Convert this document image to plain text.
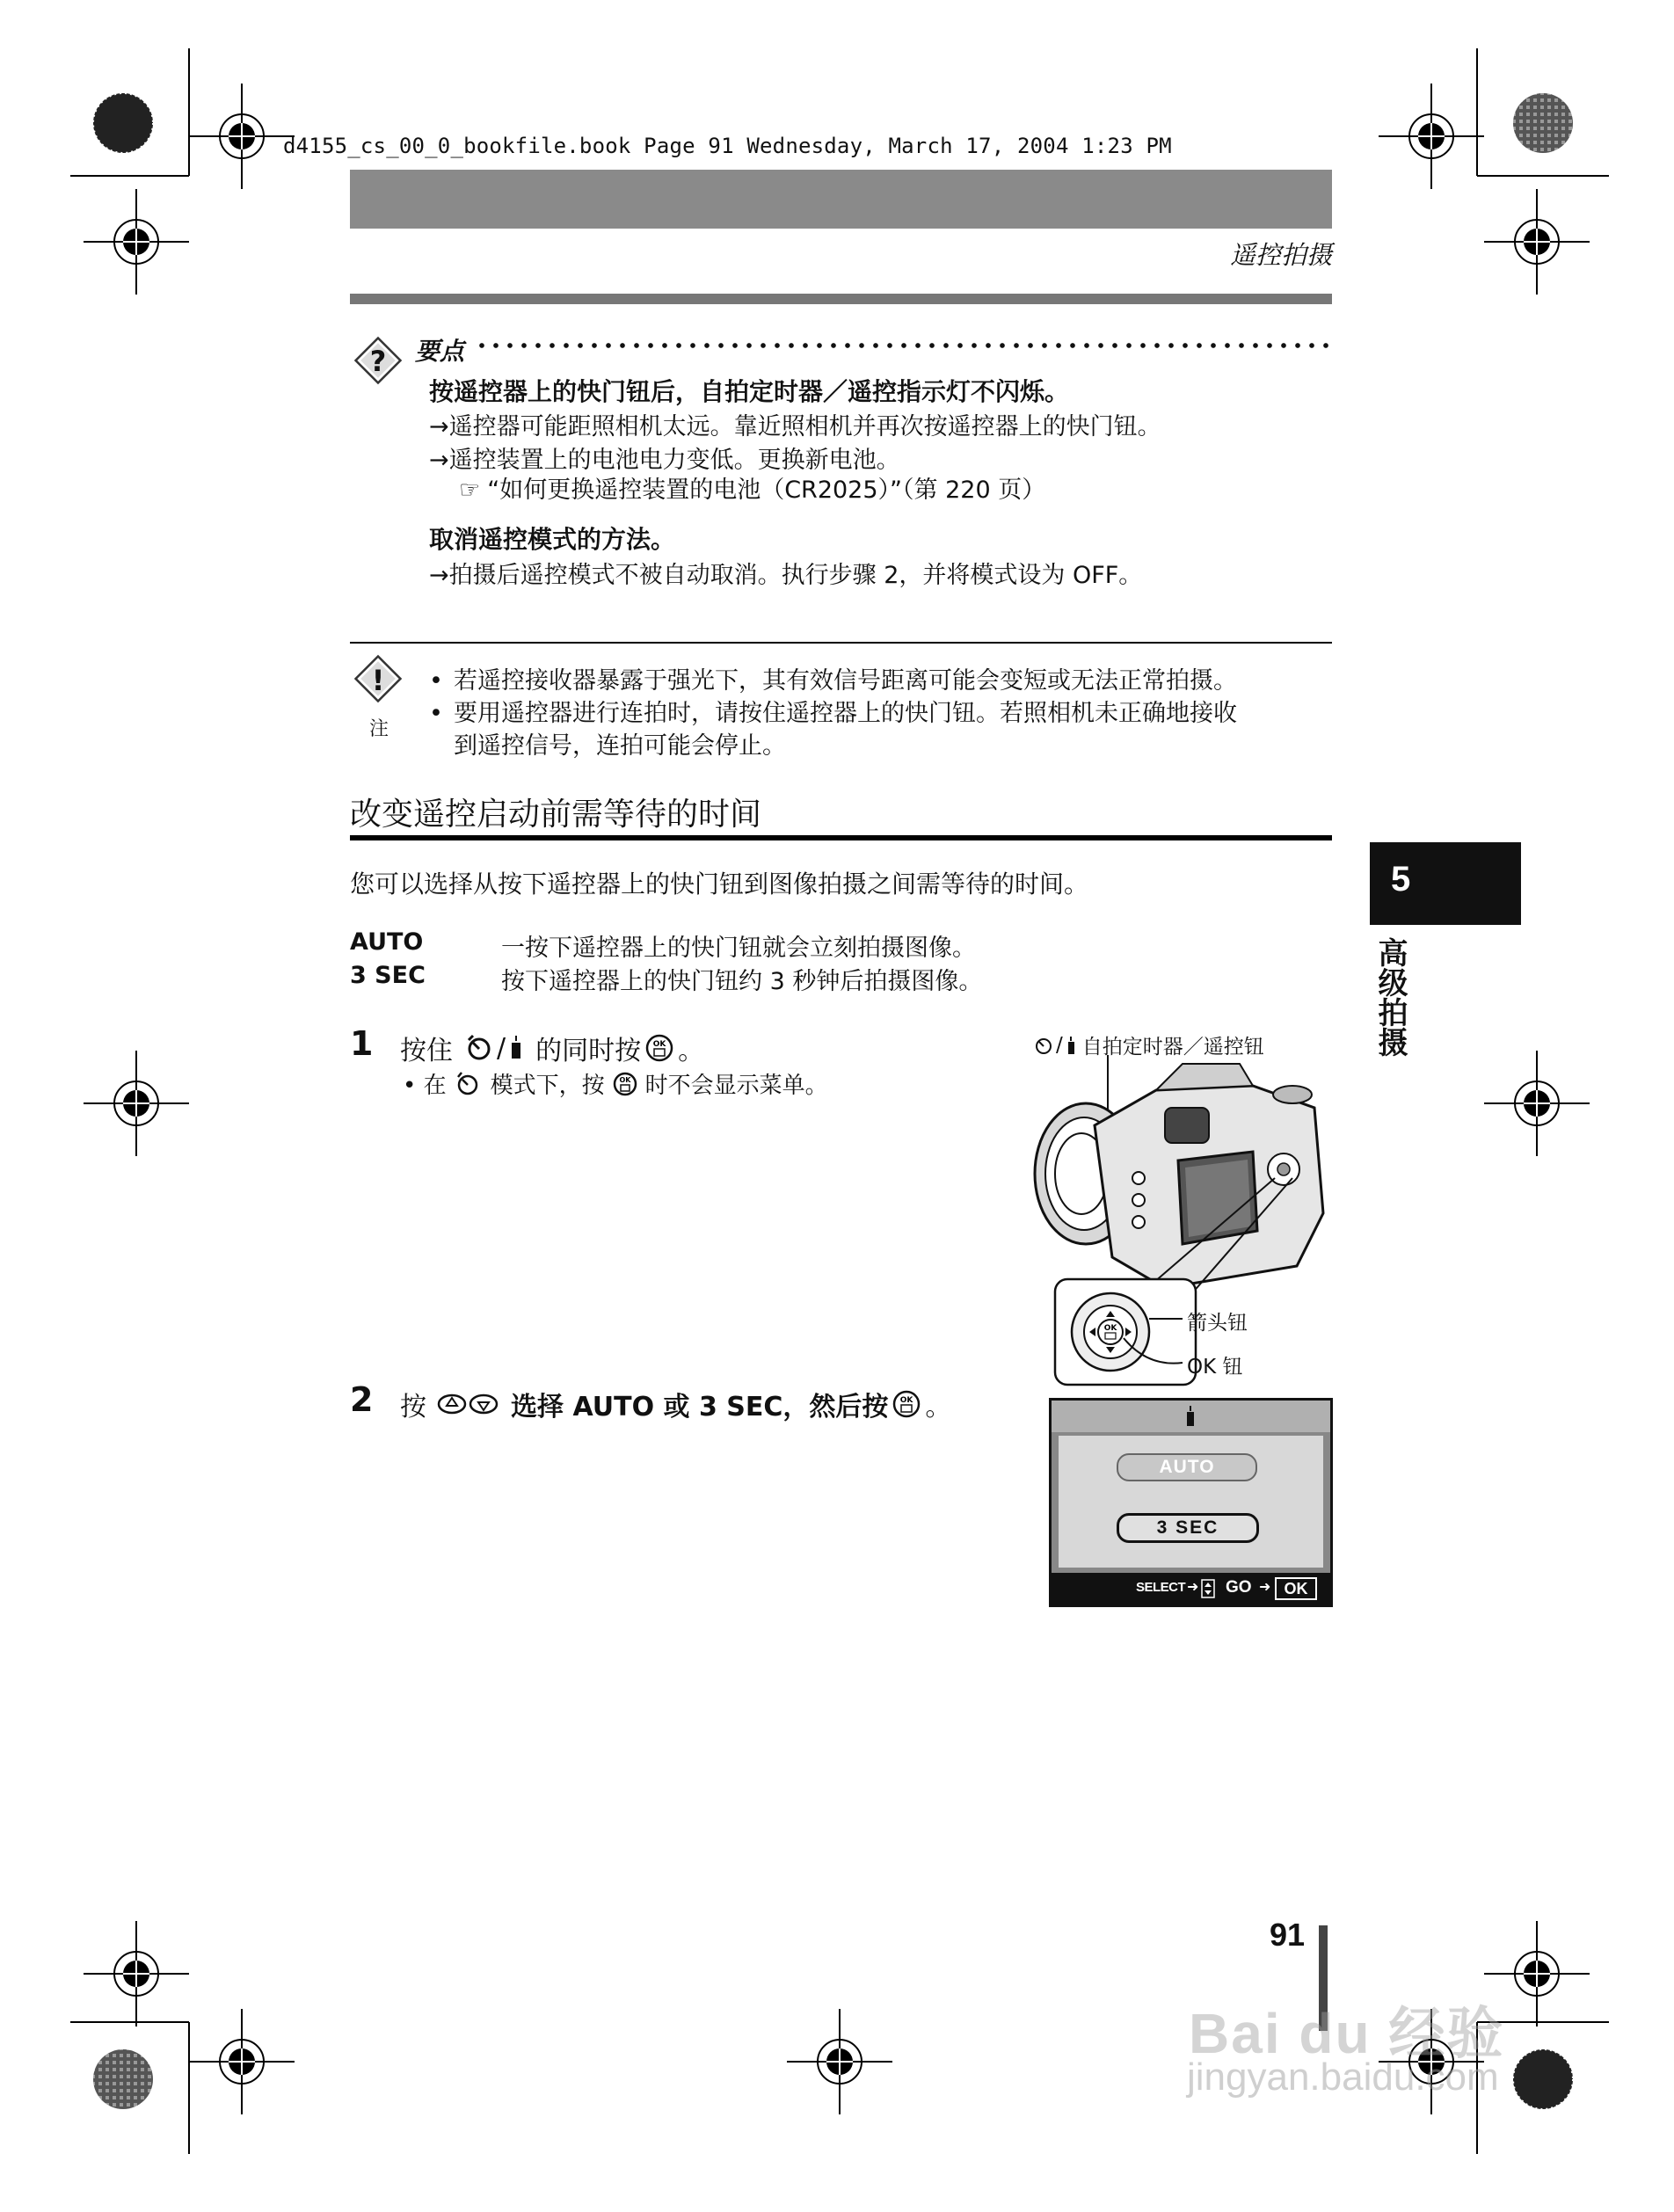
d4155_cs_00_0_bookfile.book Page 91 Wednesday, March 17, 2004 1:23 PM
遥控拍摄
? 要点
按遥控器上的快门钮后，自拍定时器／遥控指示灯不闪烁。
→遥控器可能距照相机太远。靠近照相机并再次按遥控器上的快门钮。
→遥控装置上的电池电力变低。更换新电池。
☞ “如何更换遥控装置的电池（CR2025）”（第 220 页）
取消遥控模式的方法。
→拍摄后遥控模式不被自动取消。执行步骤 2，并将模式设为 OFF。
!
注
• 若遥控接收器暴露于强光下，其有效信号距离可能会变短或无法正常拍摄。
• 要用遥控器进行连拍时，请按住遥控器上的快门钮。若照相机未正确地接收
到遥控信号，连拍可能会停止。
改变遥控启动前需等待的时间
您可以选择从按下遥控器上的快门钮到图像拍摄之间需等待的时间。
AUTO	一按下遥控器上的快门钮就会立刻拍摄图像。
3 SEC	按下遥控器上的快门钮约 3 秒钟后拍摄图像。
1 按住 / 的同时按 OK 。
• 在 模式下，按 OK 时不会显示菜单。
/ 自拍定时器／遥控钮
OK	箭头钮
OK 钮
2 按	选择 AUTO 或 3 SEC，然后按 OK 。
AUTO
3 SEC
SELECT ➜ GO ➜ OK
5
高级拍摄
91
Bai du 经验
jingyan.baidu.com
